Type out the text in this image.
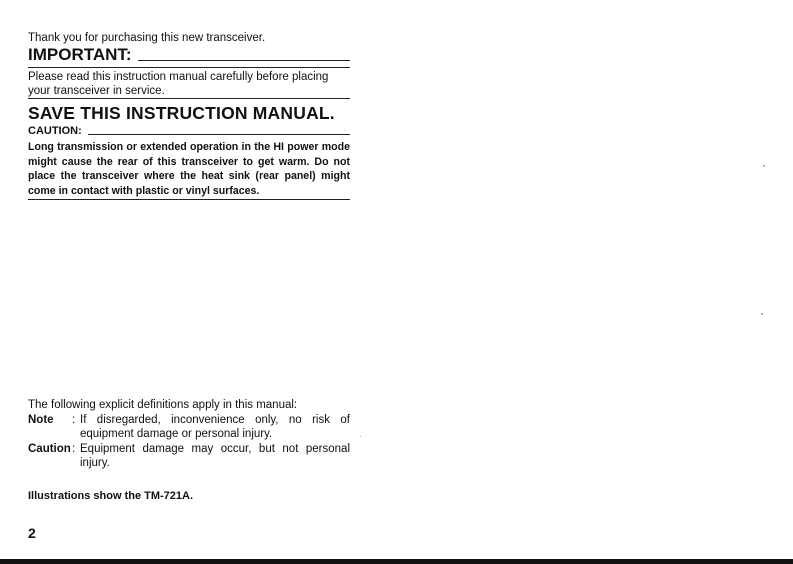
Thank you for purchasing this new transceiver.
IMPORTANT:
Please read this instruction manual carefully before placing your transceiver in service.
SAVE THIS INSTRUCTION MANUAL.
CAUTION:
Long transmission or extended operation in the HI power mode might cause the rear of this transceiver to get warm. Do not place the transceiver where the heat sink (rear panel) might come in contact with plastic or vinyl surfaces.
The following explicit definitions apply in this manual:
Note	: If disregarded, inconvenience only, no risk of equipment damage or personal injury.
Caution : Equipment damage may occur, but not personal injury.
Illustrations show the TM-721A.
2
